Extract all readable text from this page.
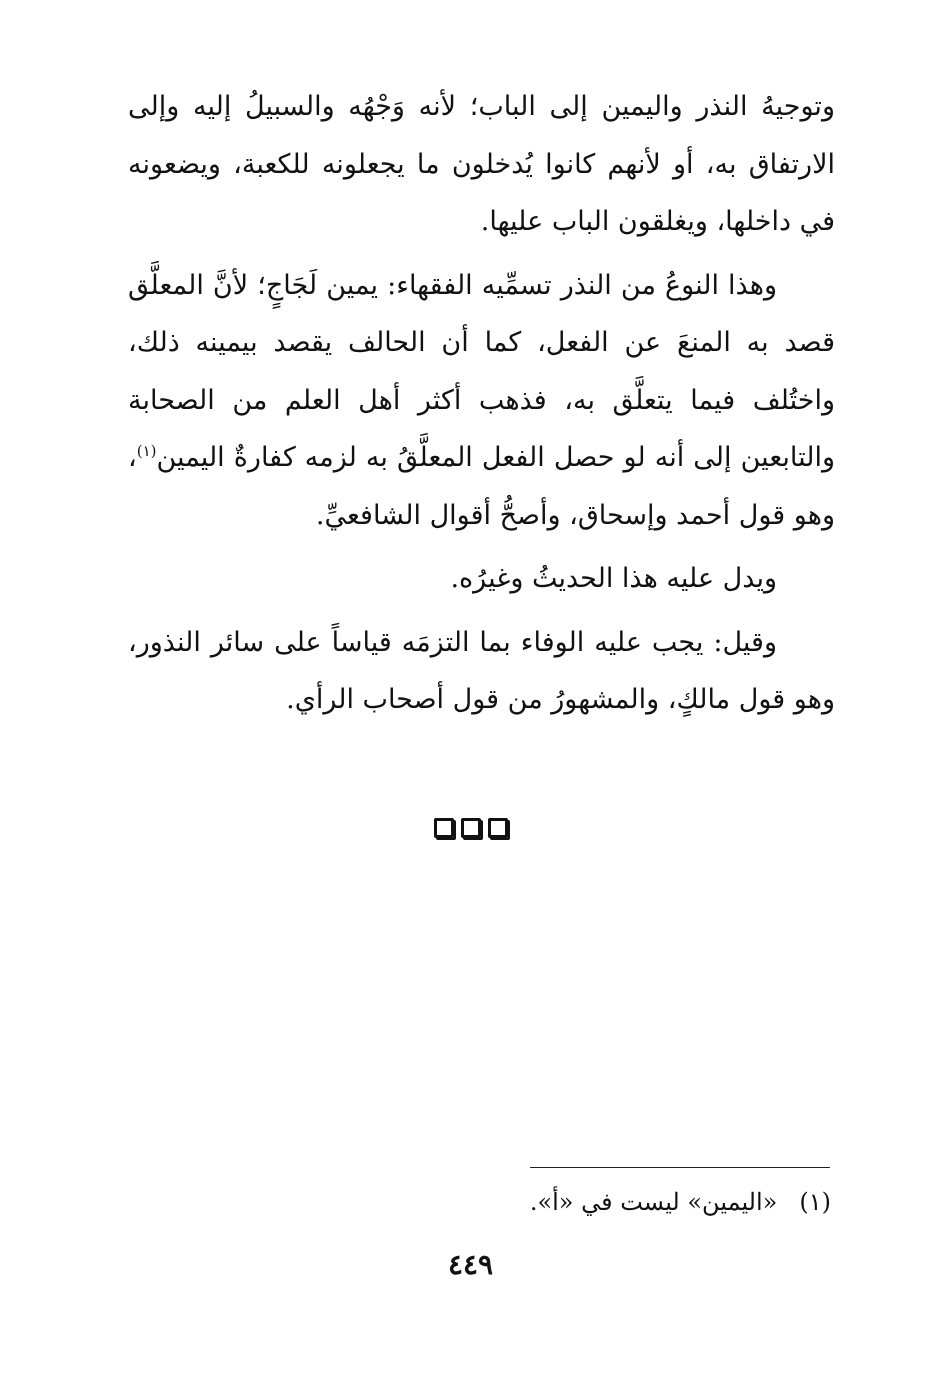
وتوجيهُ النذر واليمين إلى الباب؛ لأنه وَجْهُه والسبيلُ إليه وإلى الارتفاق به، أو لأنهم كانوا يُدخلون ما يجعلونه للكعبة، ويضعونه في داخلها، ويغلقون الباب عليها.

وهذا النوعُ من النذر تسمِّيه الفقهاء: يمين لَجَاجٍ؛ لأنَّ المعلَّق قصد به المنعَ عن الفعل، كما أن الحالف يقصد بيمينه ذلك، واختُلف فيما يتعلَّق به، فذهب أكثر أهل العلم من الصحابة والتابعين إلى أنه لو حصل الفعل المعلَّقُ به لزمه كفارةٌ اليمين$^{(١)}$، وهو قول أحمد وإسحاق، وأصحُّ أقوال الشافعيِّ.

ويدل عليه هذا الحديثُ وغيرُه.

وقيل: يجب عليه الوفاء بما التزمَه قياساً على سائر النذور، وهو قول مالكٍ، والمشهورُ من قول أصحاب الرأي.

(١)«اليمين» ليست في «أ».
٤٤٩
